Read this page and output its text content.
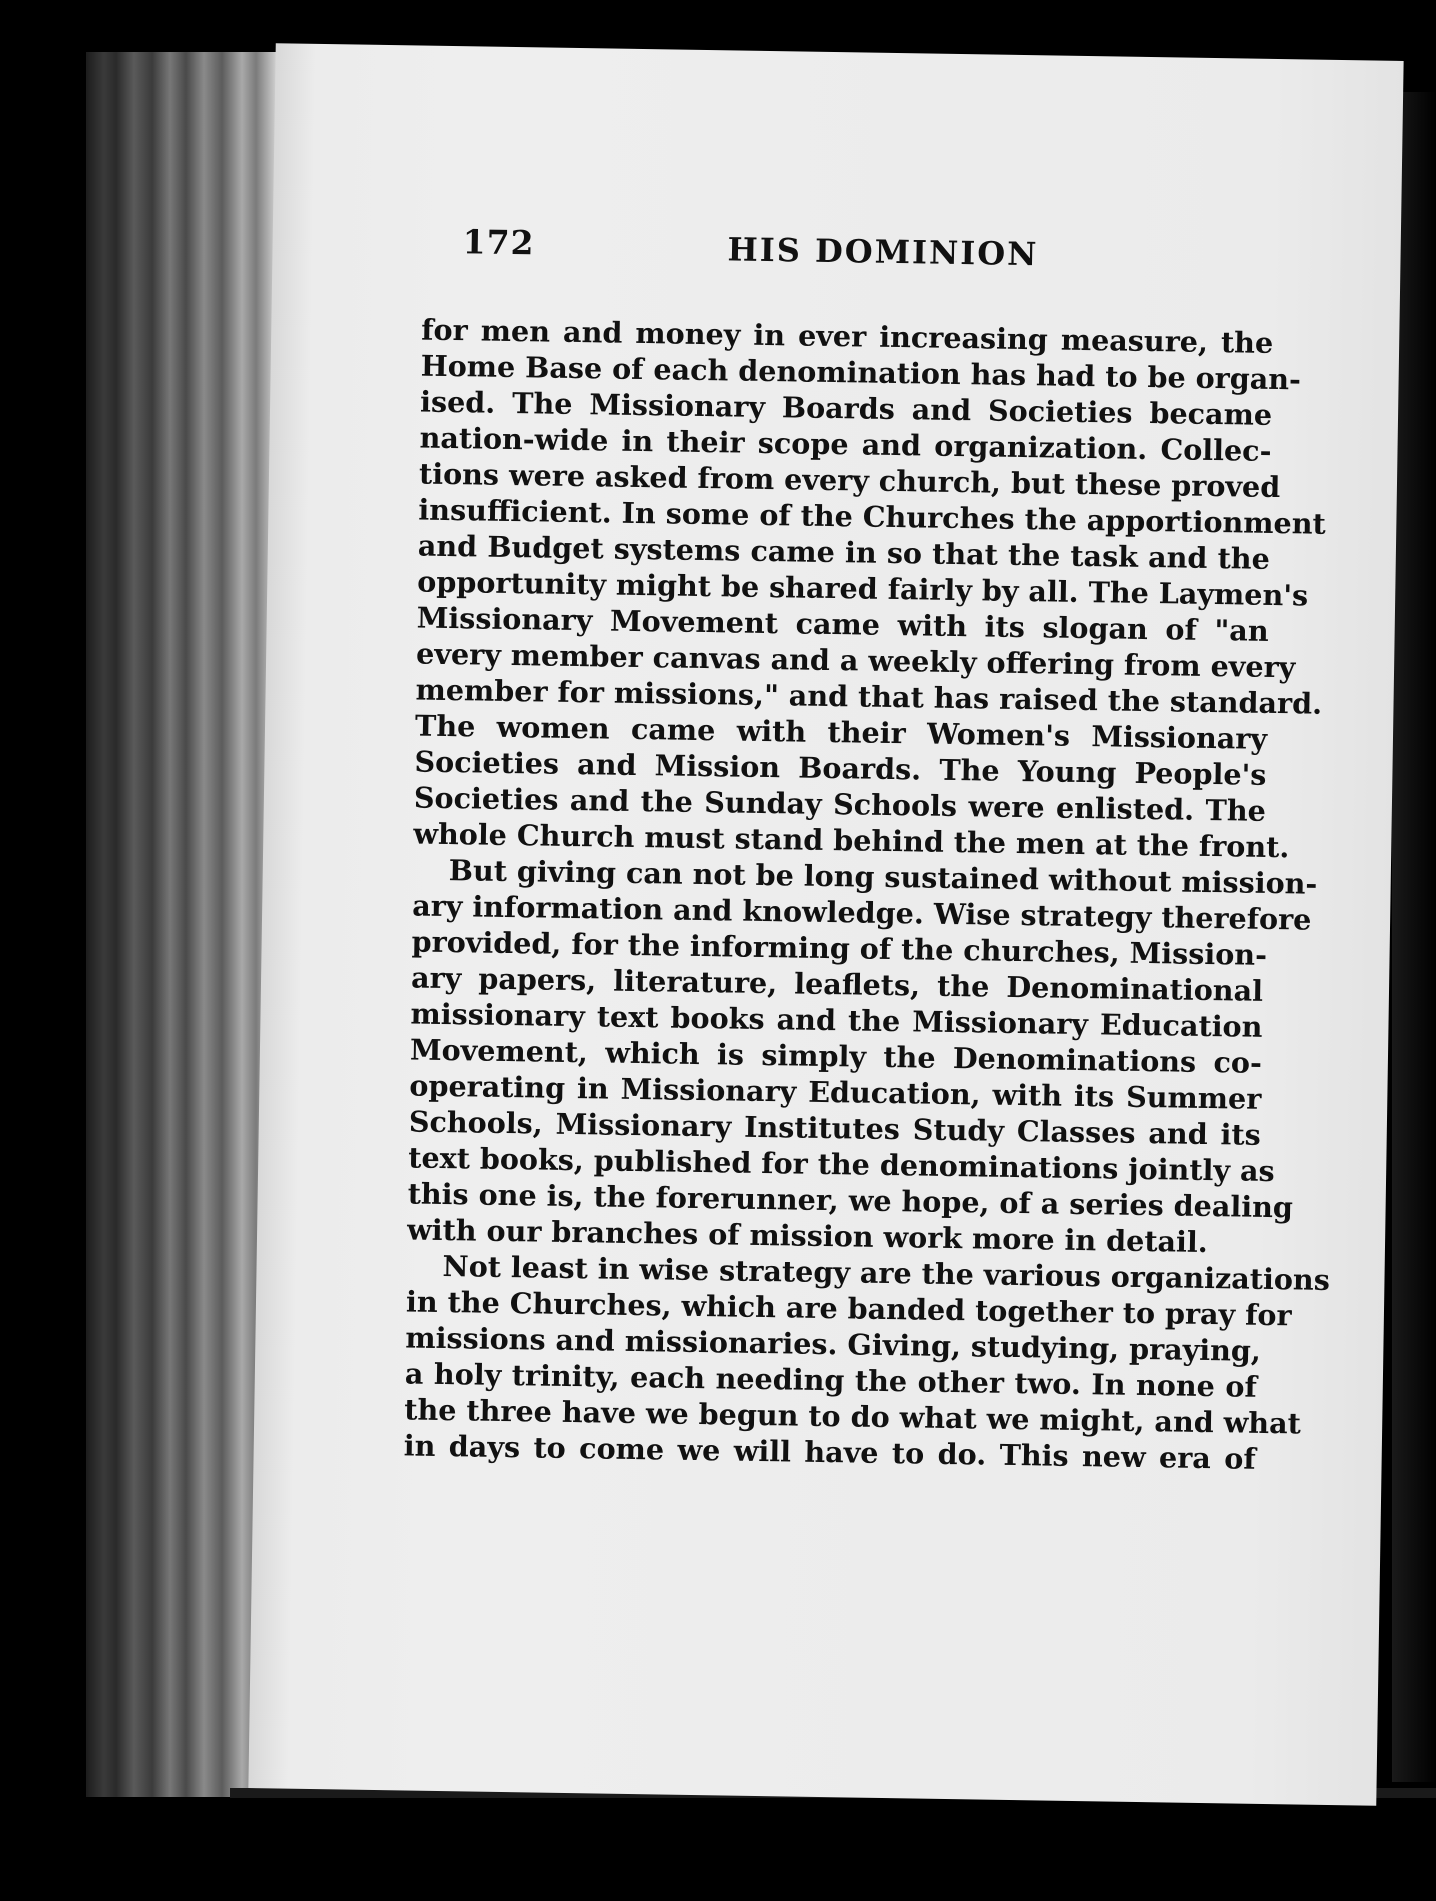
172	HIS DOMINION
for men and money in ever increasing measure, the
Home Base of each denomination has had to be organ-
ised. The Missionary Boards and Societies became
nation-wide in their scope and organization. Collec-
tions were asked from every church, but these proved
insufficient. In some of the Churches the apportionment
and Budget systems came in so that the task and the
opportunity might be shared fairly by all. The Laymen's
Missionary Movement came with its slogan of "an
every member canvas and a weekly offering from every
member for missions," and that has raised the standard.
The women came with their Women's Missionary
Societies and Mission Boards. The Young People's
Societies and the Sunday Schools were enlisted. The
whole Church must stand behind the men at the front.
But giving can not be long sustained without mission-
ary information and knowledge. Wise strategy therefore
provided, for the informing of the churches, Mission-
ary papers, literature, leaflets, the Denominational
missionary text books and the Missionary Education
Movement, which is simply the Denominations co-
operating in Missionary Education, with its Summer
Schools, Missionary Institutes Study Classes and its
text books, published for the denominations jointly as
this one is, the forerunner, we hope, of a series dealing
with our branches of mission work more in detail.
Not least in wise strategy are the various organizations
in the Churches, which are banded together to pray for
missions and missionaries. Giving, studying, praying,
a holy trinity, each needing the other two. In none of
the three have we begun to do what we might, and what
in days to come we will have to do. This new era of
